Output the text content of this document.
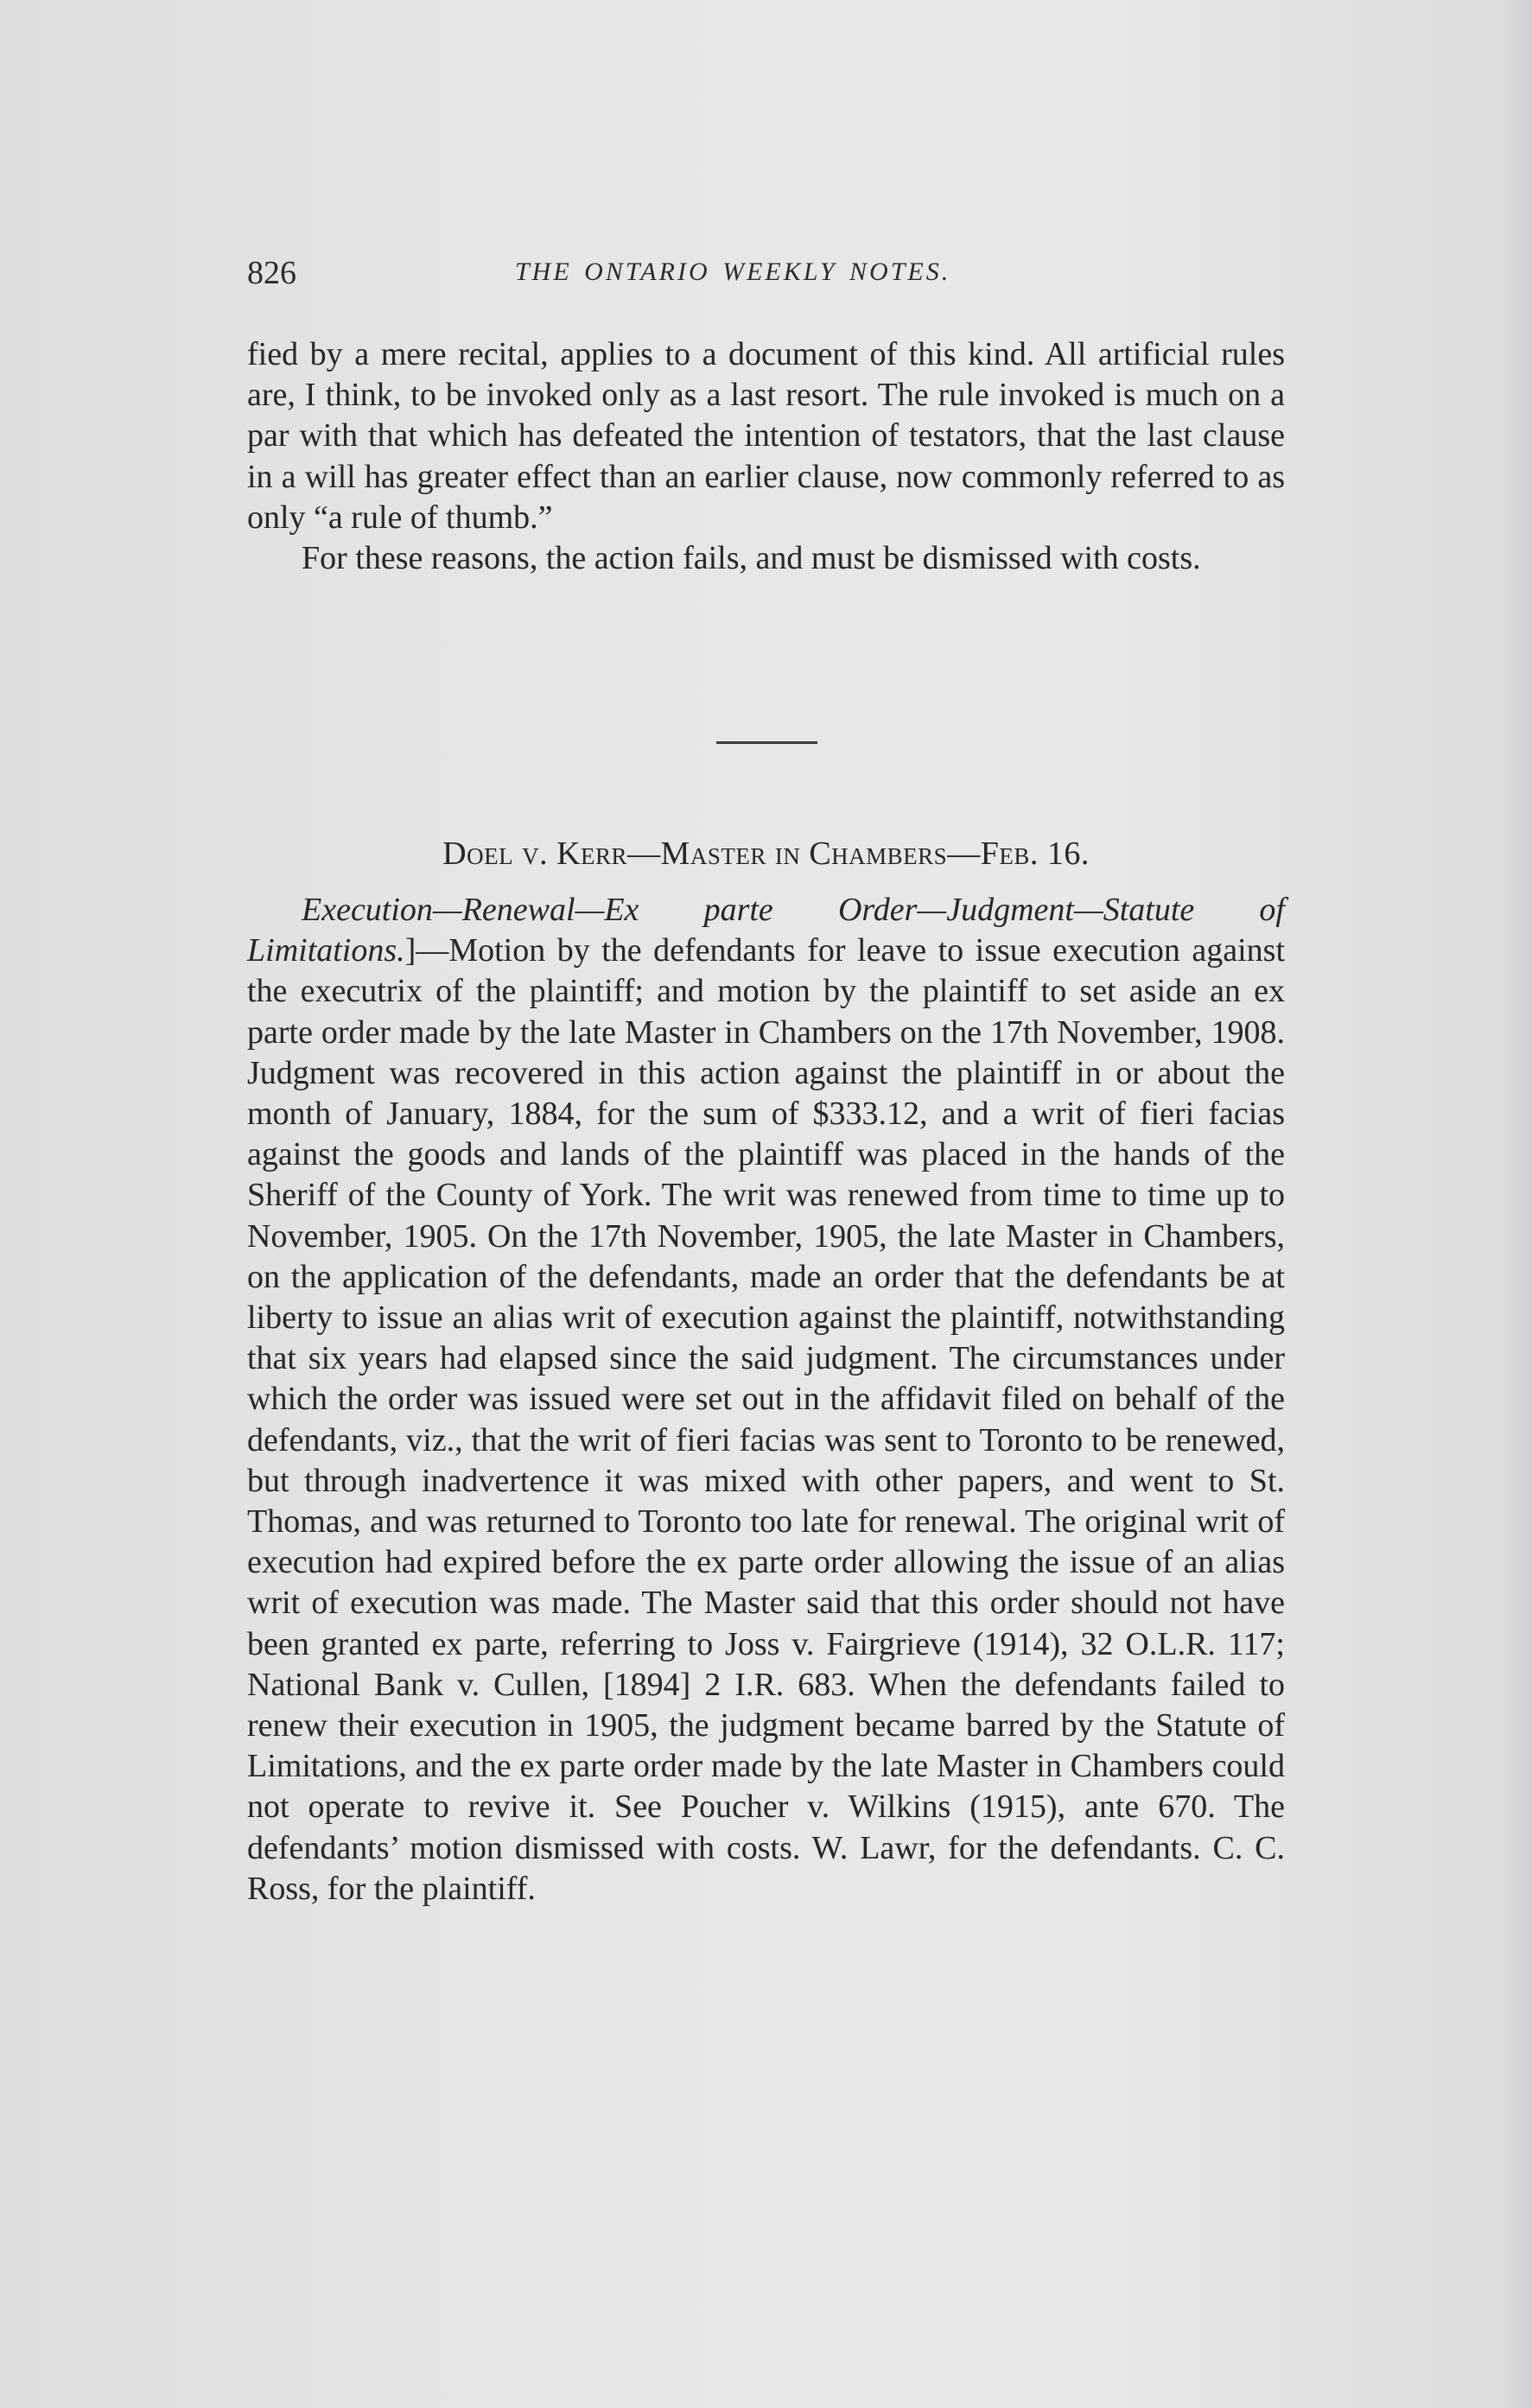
826	THE ONTARIO WEEKLY NOTES.

fied by a mere recital, applies to a document of this kind. All artificial rules are, I think, to be invoked only as a last resort. The rule invoked is much on a par with that which has defeated the intention of testators, that the last clause in a will has greater effect than an earlier clause, now commonly referred to as only “a rule of thumb.”

For these reasons, the action fails, and must be dismissed with costs.

Doel v. Kerr—Master in Chambers—Feb. 16.

Execution—Renewal—Ex parte Order—Judgment—Statute of Limitations.]—Motion by the defendants for leave to issue execution against the executrix of the plaintiff; and motion by the plaintiff to set aside an ex parte order made by the late Master in Chambers on the 17th November, 1908. Judgment was recovered in this action against the plaintiff in or about the month of January, 1884, for the sum of $333.12, and a writ of fieri facias against the goods and lands of the plaintiff was placed in the hands of the Sheriff of the County of York. The writ was renewed from time to time up to November, 1905. On the 17th November, 1905, the late Master in Chambers, on the application of the defendants, made an order that the defendants be at liberty to issue an alias writ of execution against the plaintiff, notwithstanding that six years had elapsed since the said judgment. The circumstances under which the order was issued were set out in the affidavit filed on behalf of the defendants, viz., that the writ of fieri facias was sent to Toronto to be renewed, but through inadvertence it was mixed with other papers, and went to St. Thomas, and was returned to Toronto too late for renewal. The original writ of execution had expired before the ex parte order allowing the issue of an alias writ of execution was made. The Master said that this order should not have been granted ex parte, referring to Joss v. Fairgrieve (1914), 32 O.L.R. 117; National Bank v. Cullen, [1894] 2 I.R. 683. When the defendants failed to renew their execution in 1905, the judgment became barred by the Statute of Limitations, and the ex parte order made by the late Master in Chambers could not operate to revive it. See Poucher v. Wilkins (1915), ante 670. The defendants’ motion dismissed with costs. W. Lawr, for the defendants. C. C. Ross, for the plaintiff.
